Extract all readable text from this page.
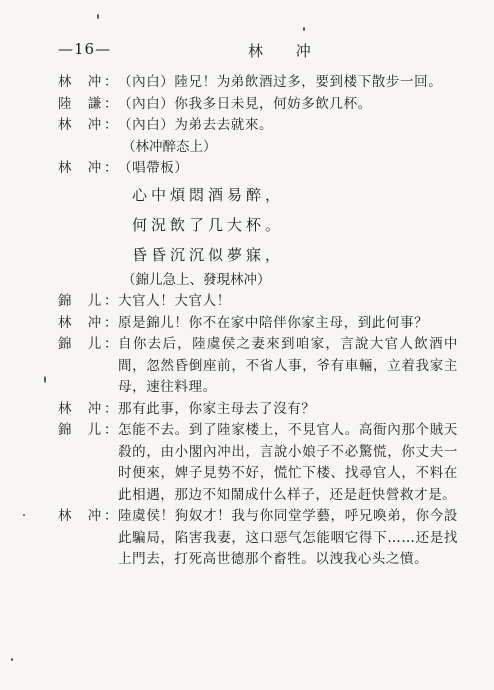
—16—	林 冲
林 冲
： （內白）陸兄！为弟飲酒过多，要到楼下散步一回。
陸 謙
： （內白）你我多日未見，何妨多飲几杯。
林 冲
： （內白）为弟去去就來。
（林冲醉态上）
林 冲
： （唱帶板）
心中煩悶酒易醉，
何況飲了几大杯。
昏昏沉沉似夢寐，
（錦儿急上、發現林冲）
錦 儿
： 大官人！大官人！
林 冲
： 原是錦儿！你不在家中陪伴你家主母，到此何事？
錦 儿
： 自你去后，陸虞侯之妻來到咱家，言說大官人飲酒中間，忽然昏倒座前，不省人事，爷有車輛，立着我家主母，速往料理。
林 冲
： 那有此事，你家主母去了沒有？
錦 儿
： 怎能不去。到了陸家楼上，不見官人。高衙內那个賊天殺的，由小閣內冲出，言說小娘子不必驚慌，你丈夫一时便來，婢子見势不好，慌忙下楼、找尋官人，不料在此相遇，那边不知鬧成什么样子，还是赶快營救才是。
林 冲
： 陸虞侯！狗奴才！我与你同堂学藝，呼兄喚弟，你今設此騙局，陷害我妻，这口惡气怎能咽它得下……还是找上門去，打死高世德那个畜牲。以洩我心头之憤。
